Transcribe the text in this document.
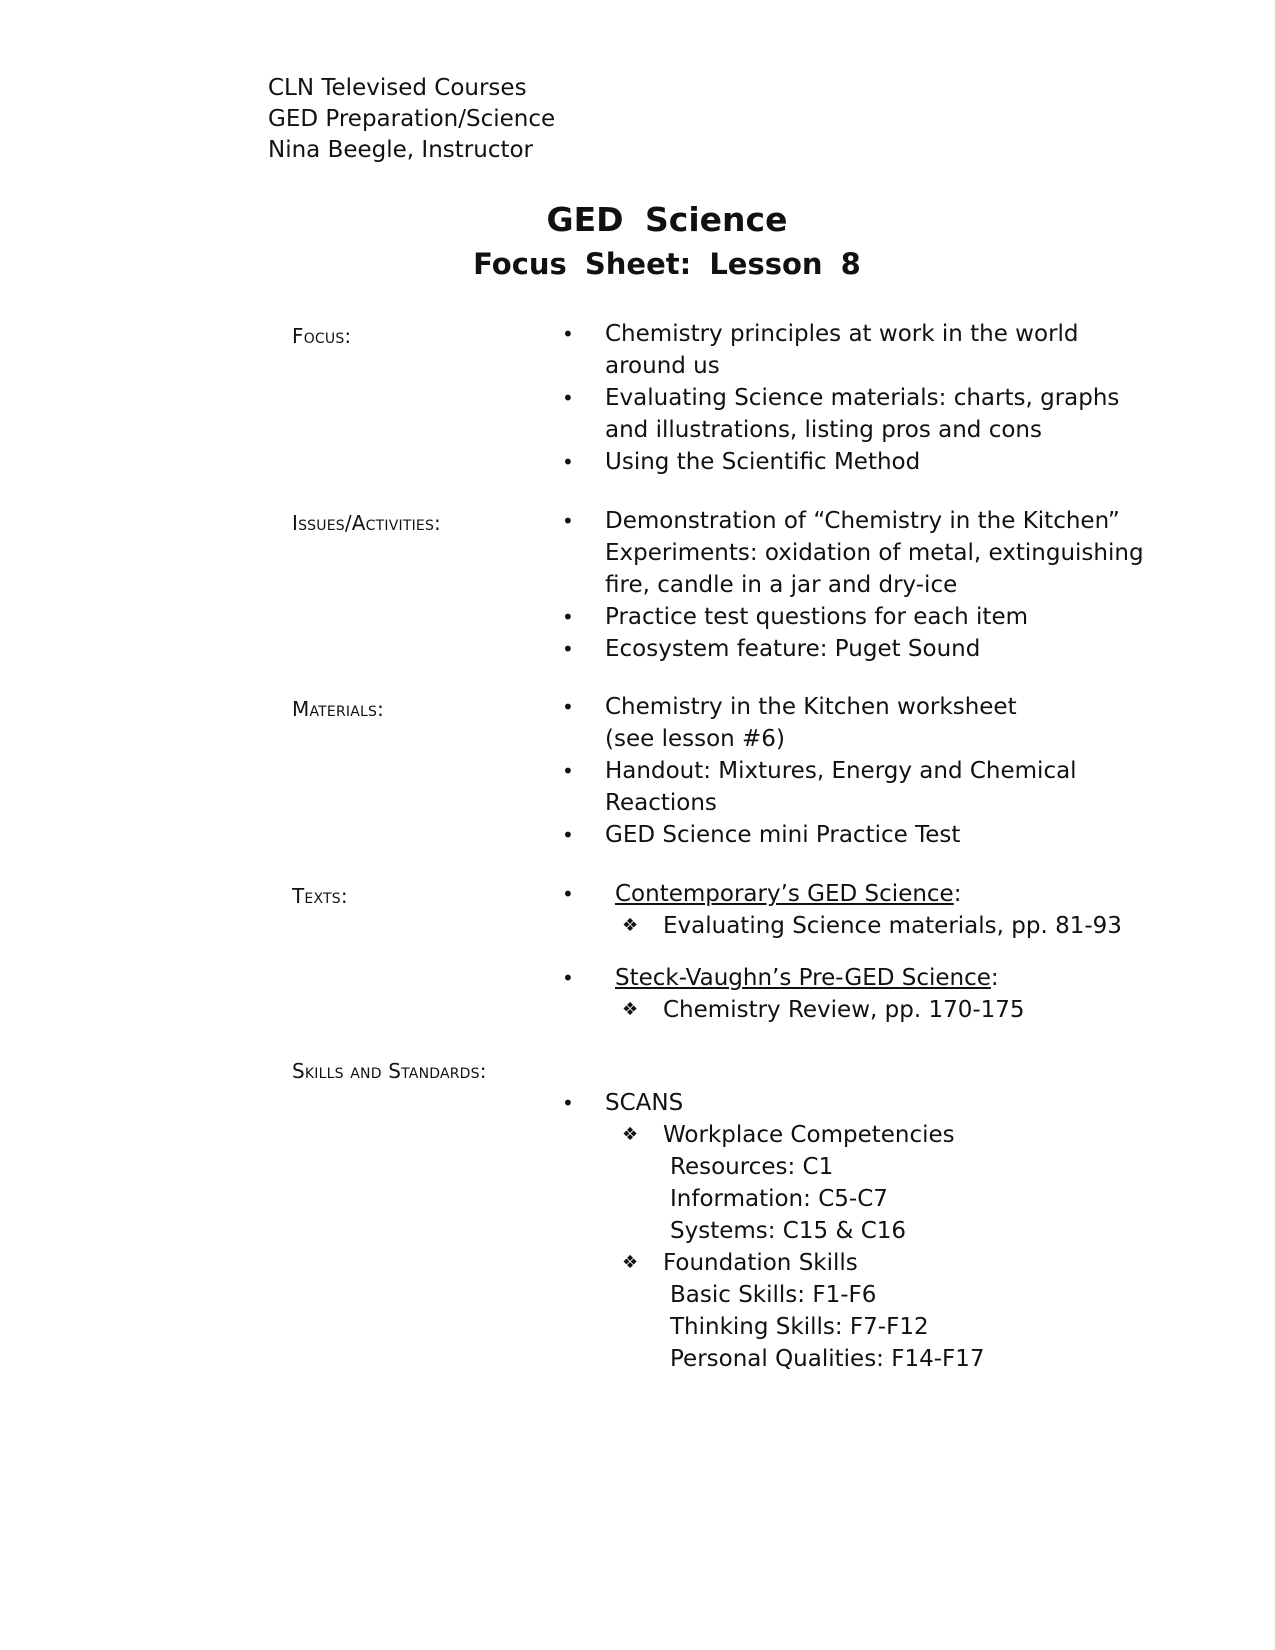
CLN Televised Courses
GED Preparation/Science
Nina Beegle, Instructor
GED Science
Focus Sheet: Lesson 8
Focus:	• Chemistry principles at work in the world
around us
• Evaluating Science materials: charts, graphs
and illustrations, listing pros and cons
• Using the Scientific Method
Issues/Activities:	• Demonstration of “Chemistry in the Kitchen”
Experiments: oxidation of metal, extinguishing
fire, candle in a jar and dry-ice
• Practice test questions for each item
• Ecosystem feature: Puget Sound
Materials:	• Chemistry in the Kitchen worksheet
(see lesson #6)
• Handout: Mixtures, Energy and Chemical
Reactions
• GED Science mini Practice Test
Texts:	•	Contemporary’s GED Science:
❖ Evaluating Science materials, pp. 81-93
•	Steck-Vaughn’s Pre-GED Science:
❖ Chemistry Review, pp. 170-175
Skills and Standards:
• SCANS
❖ Workplace Competencies
Resources: C1
Information: C5-C7
Systems: C15 & C16
❖ Foundation Skills
Basic Skills: F1-F6
Thinking Skills: F7-F12
Personal Qualities: F14-F17
